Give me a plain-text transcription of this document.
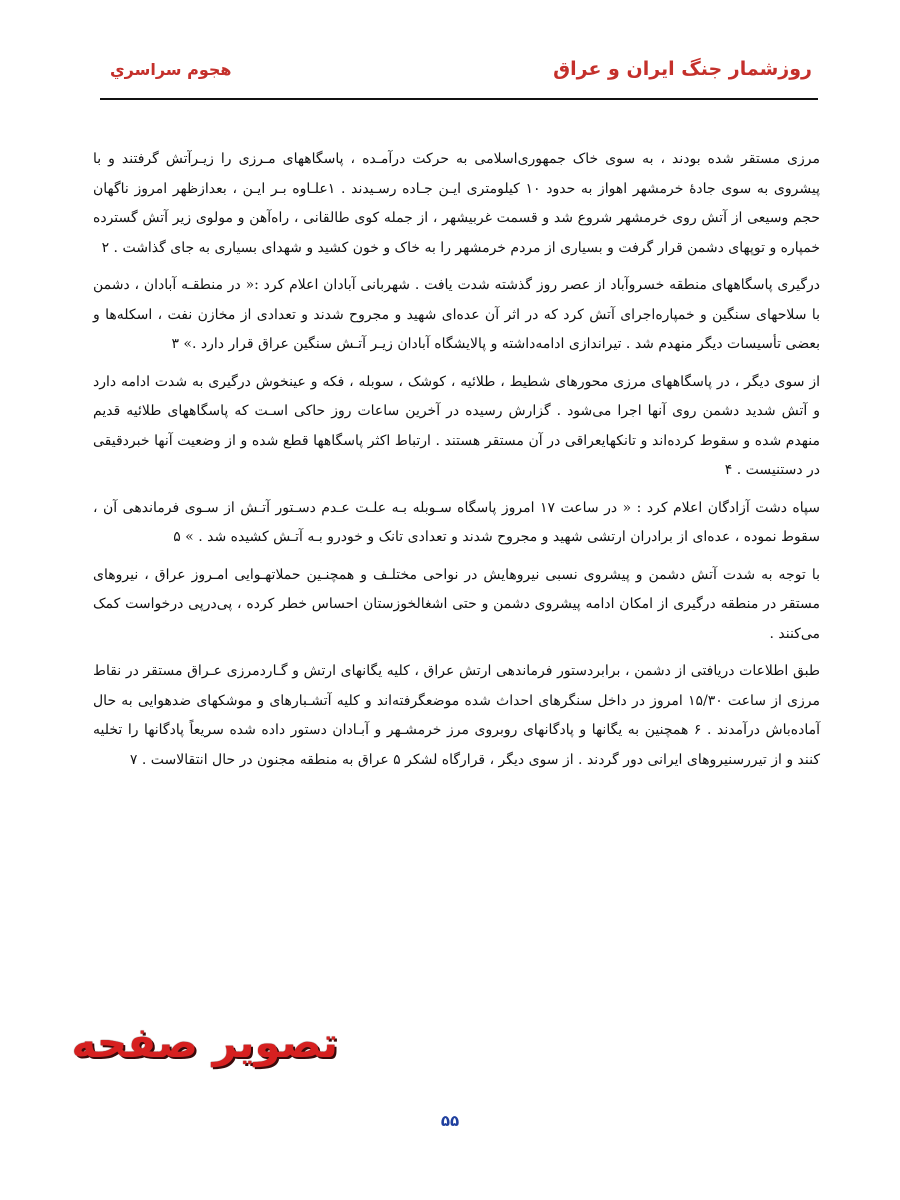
روزشمار جنگ ايران و عراق
هجوم سراسري

مرزی مستقر شده بودند ، به سوی خاک جمهوری‌اسلامی به حرکت درآمـده ، پاسگاههای مـرزی را زیـرآتش گرفتند و با پیشروی به سوی جادهٔ خرمشهر اهواز به حدود ۱۰ کیلومتری ایـن جـاده رسـیدند . ۱علـاوه بـر ایـن ، بعدازظهر امروز ناگهان حجم وسیعی از آتش روی خرمشهر شروع شد و قسمت غربیشهر ، از جمله کوی طالقانی ، راه‌آهن و مولوی زیر آتش گسترده خمپاره و توپهای دشمن قرار گرفت و بسیاری از مردم خرمشهر را به خاک و خون کشید و شهدای بسیاری به جای گذاشت . ۲

درگیری پاسگاههای منطقه خسروآباد از عصر روز گذشته شدت یافت . شهربانی آبادان اعلام کرد :« در منطقـه آبادان ، دشمن با سلاحهای سنگین و خمپاره‌اجرای آتش کرد که در اثر آن عده‌ای شهید و مجروح شدند و تعدادی از مخازن نفت ، اسکله‌ها و بعضی تأسیسات دیگر منهدم شد . تیراندازی ادامه‌داشته و پالایشگاه آبادان زیـر آتـش سنگین عراق قرار دارد .» ۳

از سوی دیگر ، در پاسگاههای مرزی محورهای شطیط ، طلائیه ، کوشک ، سوبله ، فکه و عینخوش درگیری به شدت ادامه دارد و آتش شدید دشمن روی آنها اجرا می‌شود . گزارش رسیده در آخرین ساعات روز حاکی اسـت که پاسگاههای طلائیه قدیم منهدم شده و سقوط کرده‌اند و تانکهایعراقی در آن مستقر هستند . ارتباط اکثر پاسگاهها قطع شده و از وضعیت آنها خبردقیقی در دستنیست . ۴

سپاه دشت آزادگان اعلام کرد : « در ساعت ۱۷ امروز پاسگاه سـوبله بـه علـت عـدم دسـتور آتـش از سـوی فرماندهی آن ، سقوط نموده ، عده‌ای از برادران ارتشی شهید و مجروح شدند و تعدادی تانک و خودرو بـه آتـش کشیده شد . » ۵

با توجه به شدت آتش دشمن و پیشروی نسبی نیروهایش در نواحی مختلـف و همچنـین حملاتهـوایی امـروز عراق ، نیروهای مستقر در منطقه درگیری از امکان ادامه پیشروی دشمن و حتی اشغالخوزستان احساس خطر کرده ، پی‌درپی درخواست کمک می‌کنند .

طبق اطلاعات دریافتی از دشمن ، برابردستور فرماندهی ارتش عراق ، کلیه یگانهای ارتش و گـاردمرزی عـراق مستقر در نقاط مرزی از ساعت ۱۵/۳۰ امروز در داخل سنگرهای احداث شده موضعگرفته‌اند و کلیه آتشـبارهای و موشکهای ضدهوایی به حال آماده‌باش درآمدند . ۶ همچنین به یگانها و پادگانهای روبروی مرز خرمشـهر و آبـادان دستور داده شده سریعاً پادگانها را تخلیه کنند و از تیررسنیروهای ایرانی دور گردند . از سوی دیگر ، قرارگاه لشکر ۵ عراق به منطقه مجنون در حال انتقالاست . ۷

تصویر صفحه
۵۵
